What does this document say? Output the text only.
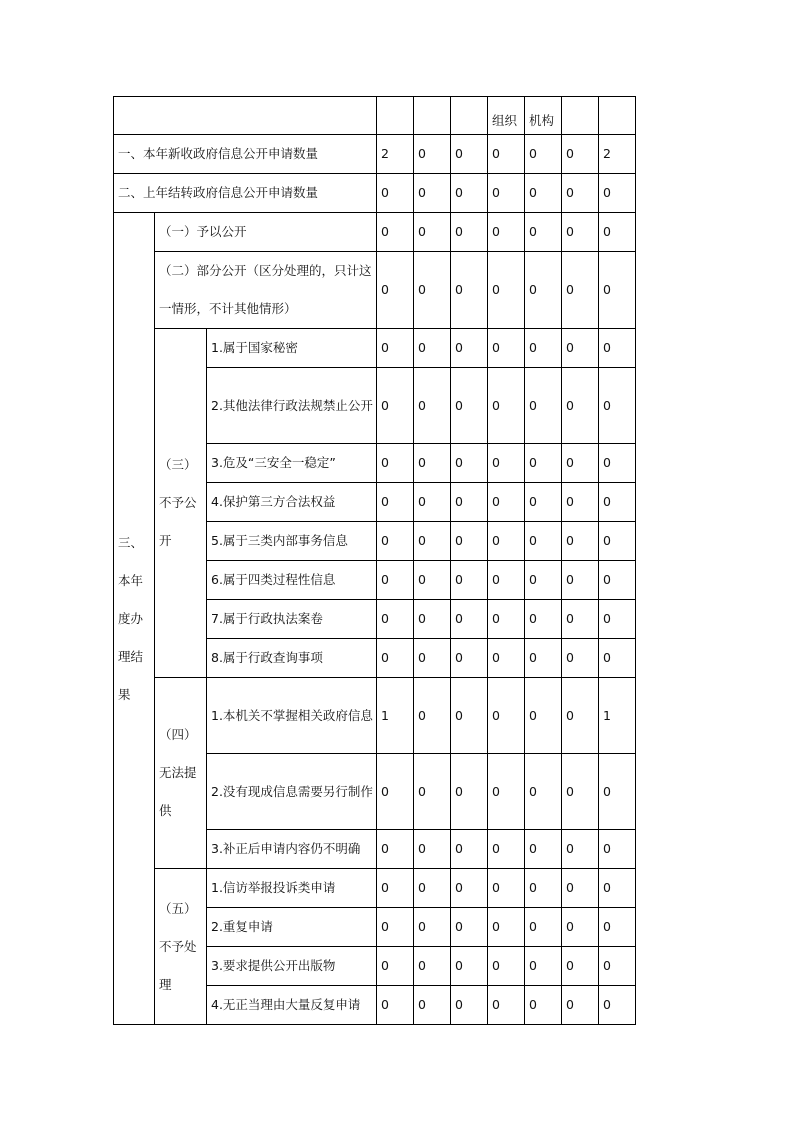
						组织	机构		
一、本年新收政府信息公开申请数量			2	0	0	0	0	0	2
二、上年结转政府信息公开申请数量			0	0	0	0	0	0	0
三、本年度办理结果	（一）予以公开		0	0	0	0	0	0	0
	（二）部分公开（区分处理的，只计这一情形，不计其他情形）		0	0	0	0	0	0	0
	（三）不予公开	1.属于国家秘密	0	0	0	0	0	0	0
		2.其他法律行政法规禁止公开	0	0	0	0	0	0	0
		3.危及“三安全一稳定”	0	0	0	0	0	0	0
		4.保护第三方合法权益	0	0	0	0	0	0	0
		5.属于三类内部事务信息	0	0	0	0	0	0	0
		6.属于四类过程性信息	0	0	0	0	0	0	0
		7.属于行政执法案卷	0	0	0	0	0	0	0
		8.属于行政查询事项	0	0	0	0	0	0	0
	（四）无法提供	1.本机关不掌握相关政府信息	1	0	0	0	0	0	1
		2.没有现成信息需要另行制作	0	0	0	0	0	0	0
		3.补正后申请内容仍不明确	0	0	0	0	0	0	0
	（五）不予处理	1.信访举报投诉类申请	0	0	0	0	0	0	0
		2.重复申请	0	0	0	0	0	0	0
		3.要求提供公开出版物	0	0	0	0	0	0	0
		4.无正当理由大量反复申请	0	0	0	0	0	0	0
